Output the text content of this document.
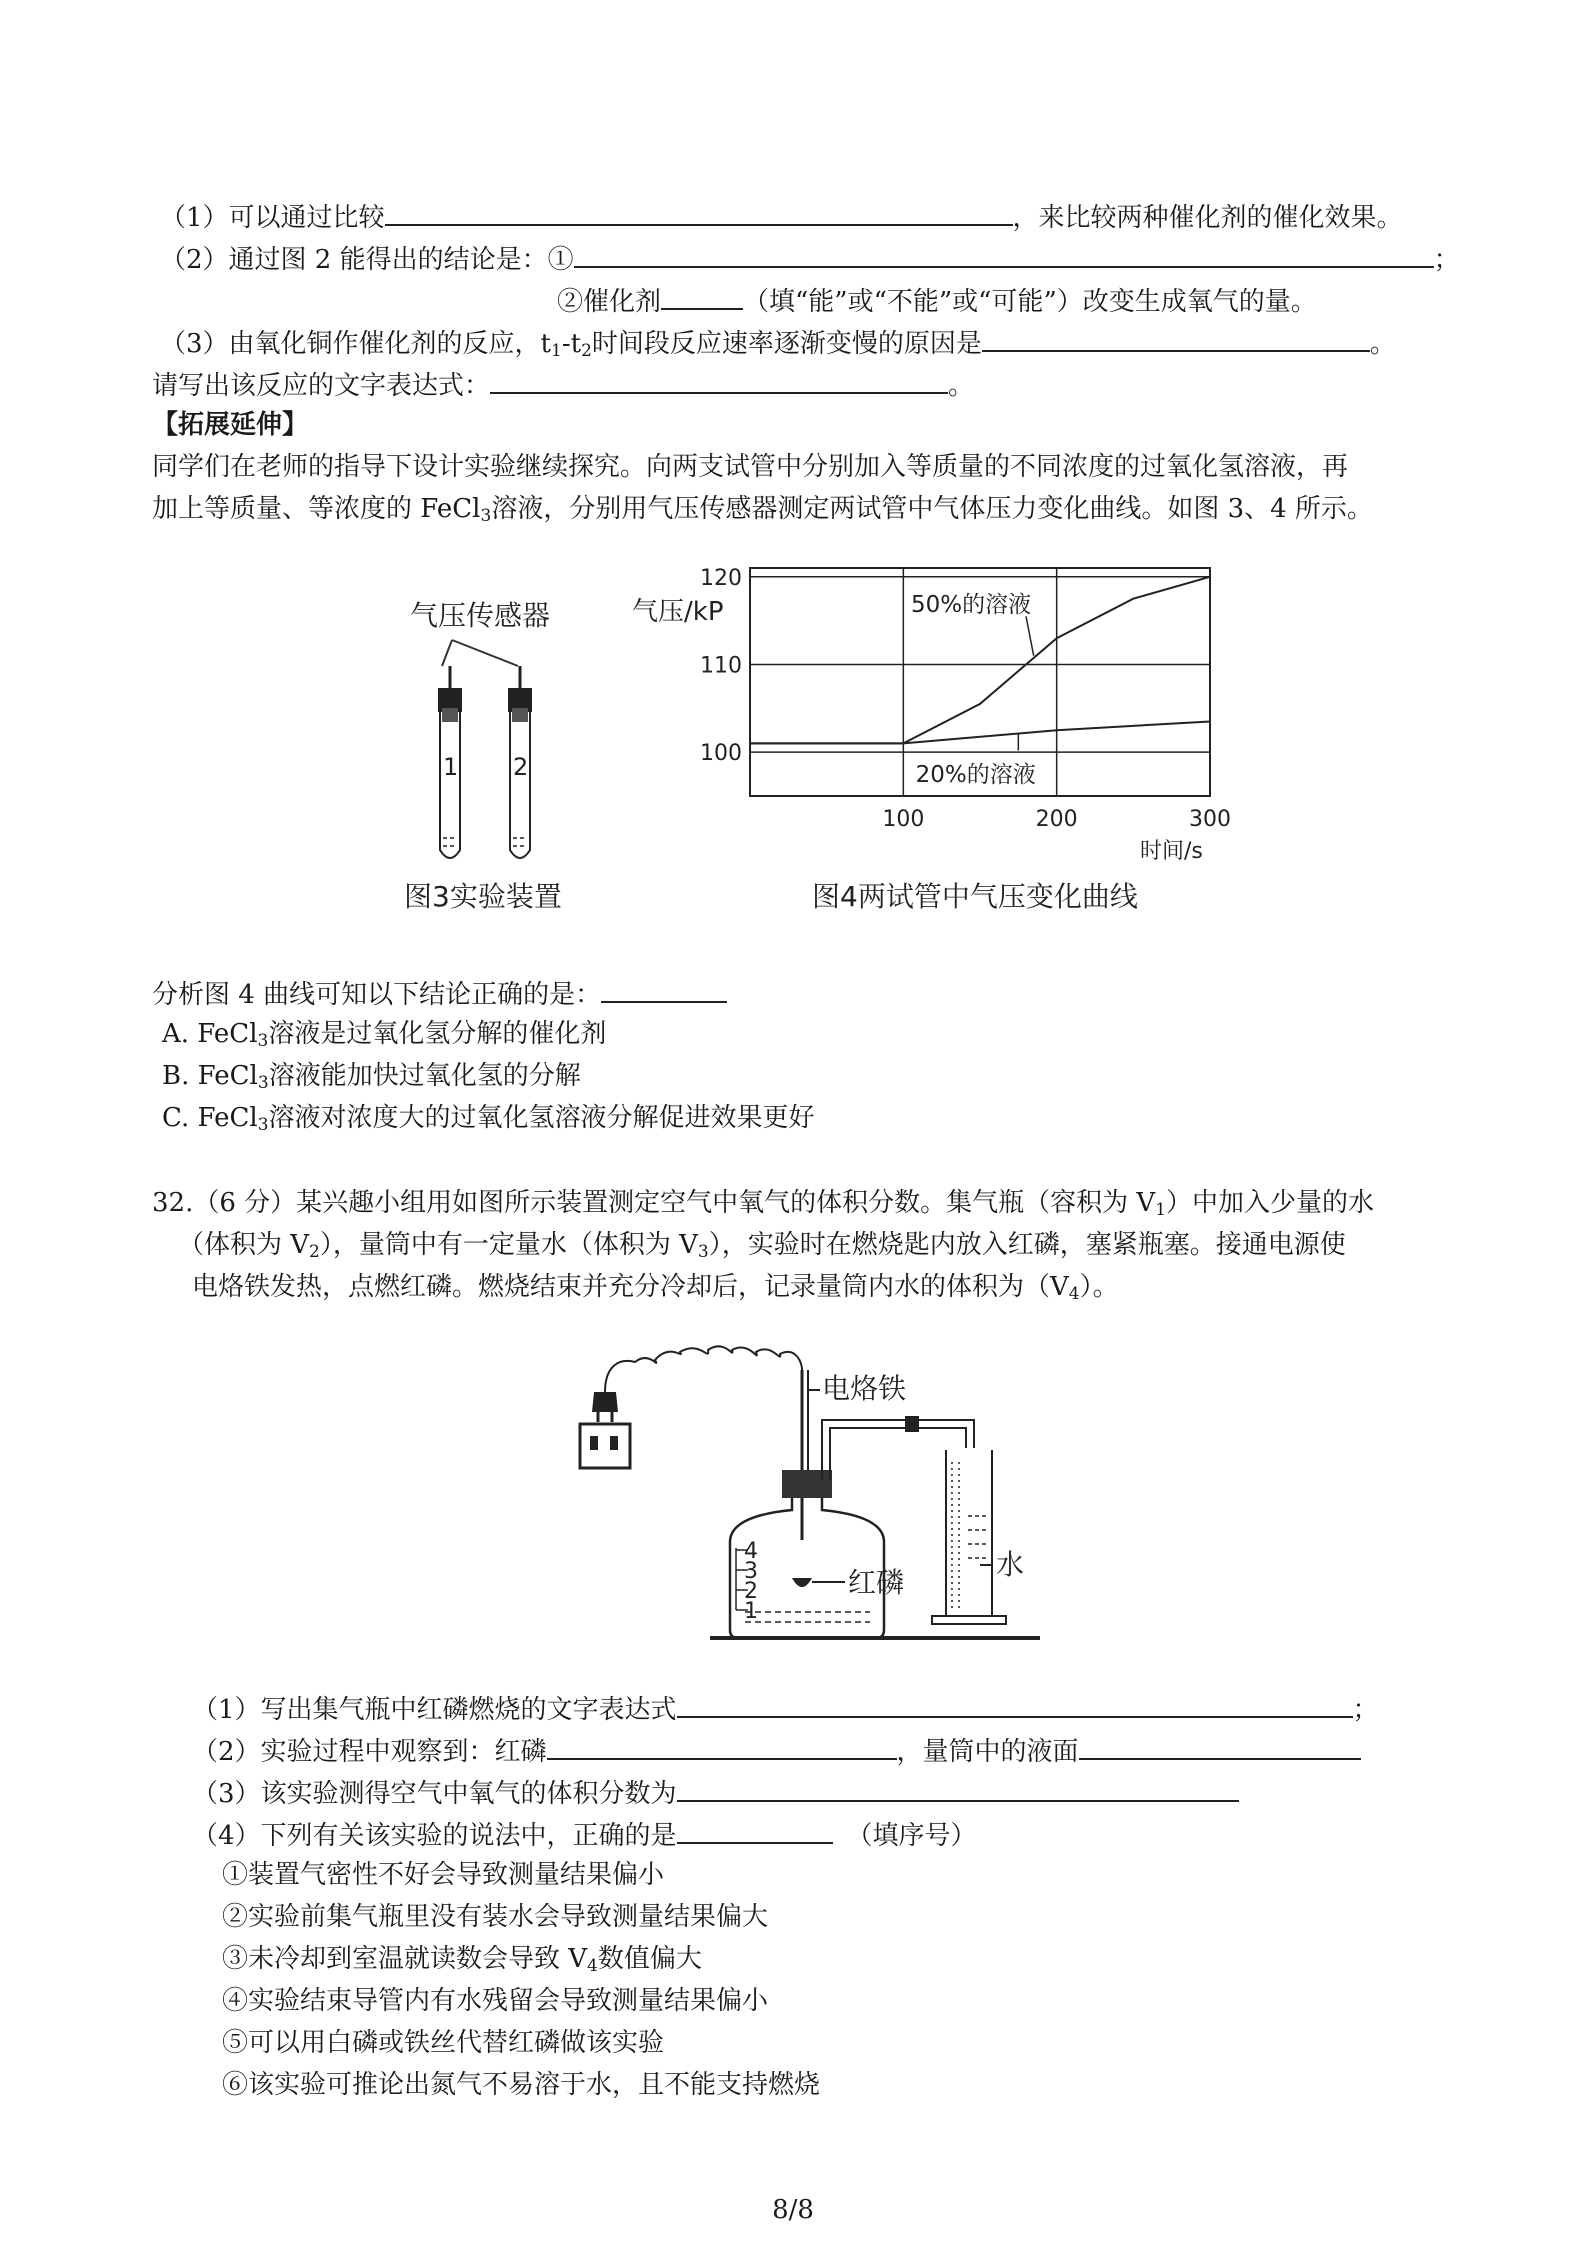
（1）可以通过比较	，来比较两种催化剂的催化效果。
（2）通过图 2 能得出的结论是：①	；
②催化剂	（填“能”或“不能”或“可能”）改变生成氧气的量。
（3）由氧化铜作催化剂的反应，$t_1-t_2$时间段反应速率逐渐变慢的原因是	。
请写出该反应的文字表达式：	。
【拓展延伸】
同学们在老师的指导下设计实验继续探究。向两支试管中分别加入等质量的不同浓度的过氧化氢溶液，再
加上等质量、等浓度的 FeCl$_3$溶液，分别用气压传感器测定两试管中气体压力变化曲线。如图 3、4 所示。
气压传感器
1 2
图3实验装置
100
110
120
100	200	300
气压/kP
时间/s
50%的溶液
20%的溶液
图4两试管中气压变化曲线
分析图 4 曲线可知以下结论正确的是：
A. FeCl$_3$溶液是过氧化氢分解的催化剂
B. FeCl$_3$溶液能加快过氧化氢的分解
C. FeCl$_3$溶液对浓度大的过氧化氢溶液分解促进效果更好
32.（6 分）某兴趣小组用如图所示装置测定空气中氧气的体积分数。集气瓶（容积为 $V_1$）中加入少量的水
（体积为 $V_2$），量筒中有一定量水（体积为 $V_3$），实验时在燃烧匙内放入红磷，塞紧瓶塞。接通电源使
电烙铁发热，点燃红磷。燃烧结束并充分冷却后，记录量筒内水的体积为$(V_4)$。
电烙铁
4
3
2
1
红磷
水
（1）写出集气瓶中红磷燃烧的文字表达式	；
（2）实验过程中观察到：红磷	，量筒中的液面
（3）该实验测得空气中氧气的体积分数为
（4）下列有关该实验的说法中，正确的是	（填序号）
①装置气密性不好会导致测量结果偏小
②实验前集气瓶里没有装水会导致测量结果偏大
③未冷却到室温就读数会导致 $V_4$数值偏大
④实验结束导管内有水残留会导致测量结果偏小
⑤可以用白磷或铁丝代替红磷做该实验
⑥该实验可推论出氮气不易溶于水，且不能支持燃烧
8/8
